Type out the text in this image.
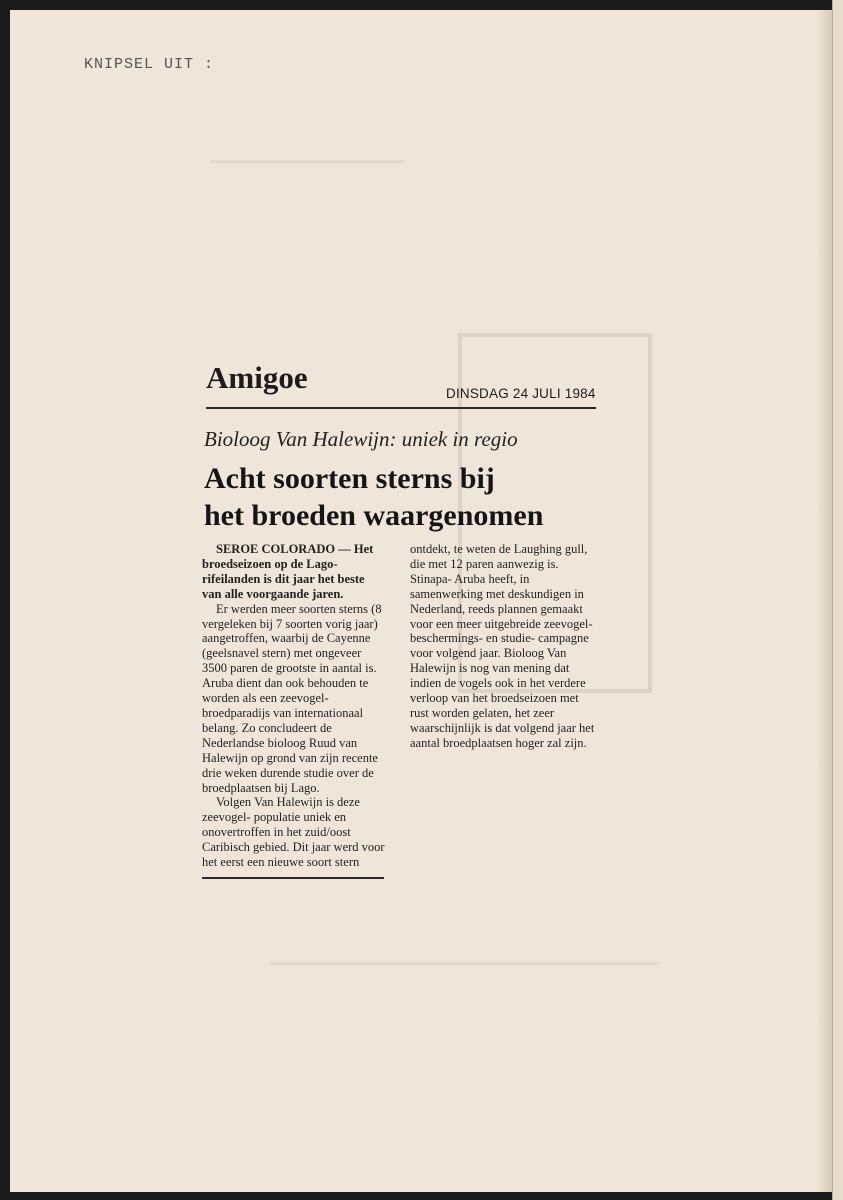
KNIPSEL UIT :
Amigoe	DINSDAG 24 JULI 1984
Bioloog Van Halewijn: uniek in regio
Acht soorten sterns bij
het broeden waargenomen

SEROE COLORADO — Het broedseizoen op de Lago- rifeilanden is dit jaar het beste van alle voorgaande jaren.

Er werden meer soorten sterns (8 vergeleken bij 7 soorten vorig jaar) aangetroffen, waarbij de Cayenne (geelsnavel stern) met ongeveer 3500 paren de grootste in aantal is. Aruba dient dan ook behouden te worden als een zeevogel- broedparadijs van internationaal belang. Zo concludeert de Nederlandse bioloog Ruud van Halewijn op grond van zijn recente drie weken durende studie over de broedplaatsen bij Lago.

Volgen Van Halewijn is deze zeevogel- populatie uniek en onovertroffen in het zuid/oost Caribisch gebied. Dit jaar werd voor het eerst een nieuwe soort stern

ontdekt, te weten de Laughing gull, die met 12 paren aanwezig is. Stinapa- Aruba heeft, in samenwerking met deskundigen in Nederland, reeds plannen gemaakt voor een meer uitgebreide zeevogel- beschermings- en studie- campagne voor volgend jaar. Bioloog Van Halewijn is nog van mening dat indien de vogels ook in het verdere verloop van het broedseizoen met rust worden gelaten, het zeer waarschijnlijk is dat volgend jaar het aantal broedplaatsen hoger zal zijn.
